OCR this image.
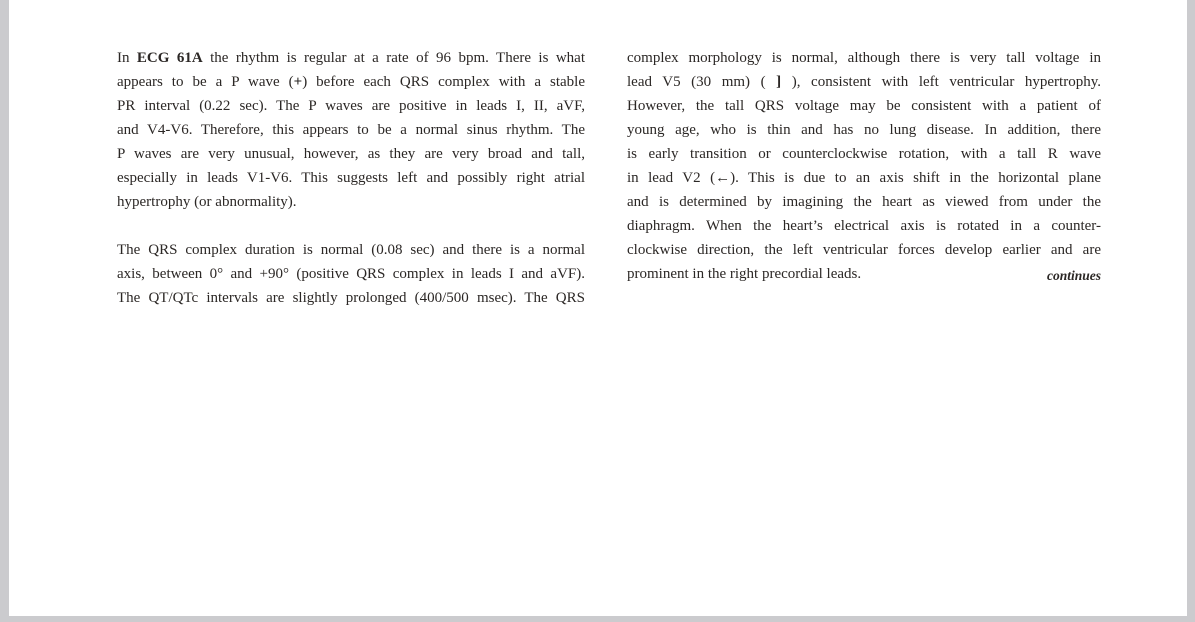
In ECG 61A the rhythm is regular at a rate of 96 bpm. There is what
appears to be a P wave (+) before each QRS complex with a stable
PR interval (0.22 sec). The P waves are positive in leads I, II, aVF,
and V4-V6. Therefore, this appears to be a normal sinus rhythm. The
P waves are very unusual, however, as they are very broad and tall,
especially in leads V1-V6. This suggests left and possibly right atrial
hypertrophy (or abnormality).
The QRS complex duration is normal (0.08 sec) and there is a normal
axis, between 0° and +90° (positive QRS complex in leads I and aVF).
The QT/QTc intervals are slightly prolonged (400/500 msec). The QRS
continues
complex morphology is normal, although there is very tall voltage in
lead V5 (30 mm) ( ] ), consistent with left ventricular hypertrophy.
However, the tall QRS voltage may be consistent with a patient of
young age, who is thin and has no lung disease. In addition, there
is early transition or counterclockwise rotation, with a tall R wave
in lead V2 (←). This is due to an axis shift in the horizontal plane
and is determined by imagining the heart as viewed from under the
diaphragm. When the heart’s electrical axis is rotated in a counter-
clockwise direction, the left ventricular forces develop earlier and are
prominent in the right precordial leads.
